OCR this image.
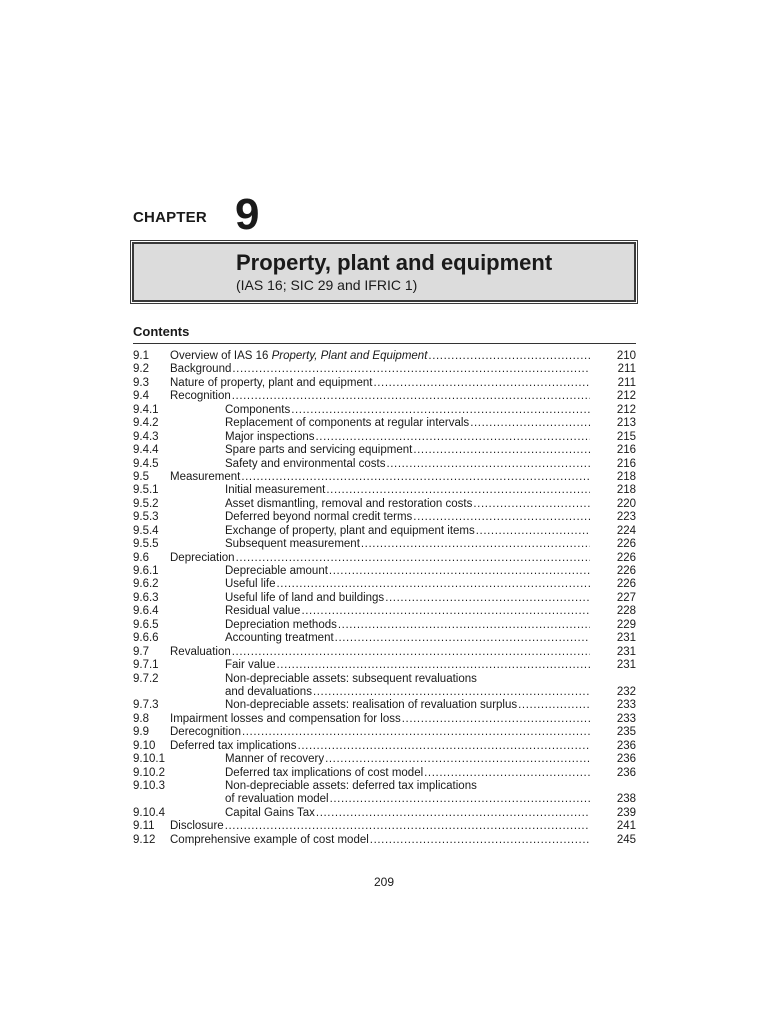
CHAPTER 9
Property, plant and equipment
(IAS 16; SIC 29 and IFRIC 1)
Contents
9.1 Overview of IAS 16 Property, Plant and Equipment .....	210
9.2 Background .....	211
9.3 Nature of property, plant and equipment .....	211
9.4 Recognition .....	212
9.4.1	Components .....	212
9.4.2	Replacement of components at regular intervals .....	213
9.4.3	Major inspections .....	215
9.4.4	Spare parts and servicing equipment .....	216
9.4.5	Safety and environmental costs .....	216
9.5 Measurement .....	218
9.5.1	Initial measurement .....	218
9.5.2	Asset dismantling, removal and restoration costs .....	220
9.5.3	Deferred beyond normal credit terms .....	223
9.5.4	Exchange of property, plant and equipment items .....	224
9.5.5	Subsequent measurement .....	226
9.6 Depreciation .....	226
9.6.1	Depreciable amount .....	226
9.6.2	Useful life .....	226
9.6.3	Useful life of land and buildings .....	227
9.6.4	Residual value .....	228
9.6.5	Depreciation methods .....	229
9.6.6	Accounting treatment .....	231
9.7 Revaluation .....	231
9.7.1	Fair value .....	231
9.7.2	Non-depreciable assets: subsequent revaluations
and devaluations .....	232
9.7.3	Non-depreciable assets: realisation of revaluation surplus .....	233
9.8 Impairment losses and compensation for loss .....	233
9.9 Derecognition .....	235
9.10 Deferred tax implications .....	236
9.10.1	Manner of recovery .....	236
9.10.2	Deferred tax implications of cost model .....	236
9.10.3	Non-depreciable assets: deferred tax implications
of revaluation model .....	238
9.10.4	Capital Gains Tax .....	239
9.11 Disclosure .....	241
9.12 Comprehensive example of cost model .....	245
209
